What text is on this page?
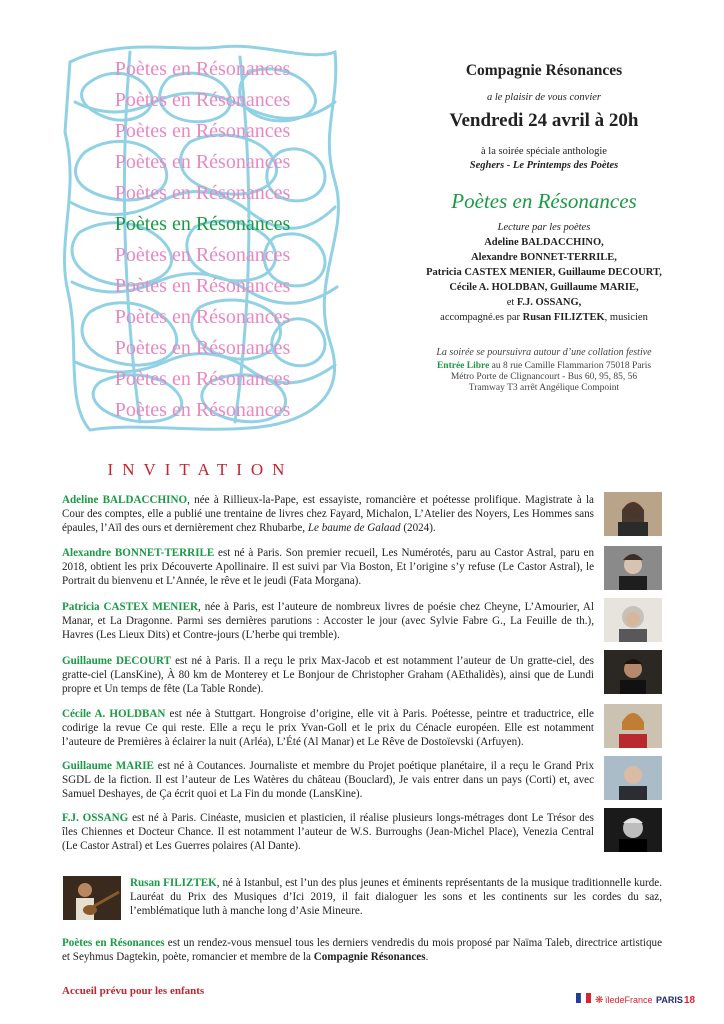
Poètes en Résonances
Poètes en Résonances
Poètes en Résonances
Poètes en Résonances
Poètes en Résonances
Poètes en Résonances
Poètes en Résonances
Poètes en Résonances
Poètes en Résonances
Poètes en Résonances
Poètes en Résonances
Poètes en Résonances
INVITATION
Compagnie Résonances
a le plaisir de vous convier
Vendredi 24 avril à 20h
à la soirée spéciale anthologie
Seghers - Le Printemps des Poètes
Poètes en Résonances
Lecture par les poètes
Adeline BALDACCHINO,
Alexandre BONNET-TERRILE,
Patricia CASTEX MENIER, Guillaume DECOURT,
Cécile A. HOLDBAN, Guillaume MARIE,
et F.J. OSSANG,
accompagné.es par Rusan FILIZTEK, musicien
La soirée se poursuivra autour d’une collation festive
Entrée Libre au 8 rue Camille Flammarion 75018 Paris
Métro Porte de Clignancourt - Bus 60, 95, 85, 56
Tramway T3 arrêt Angélique Compoint
Adeline BALDACCHINO, née à Rillieux-la-Pape, est essayiste, romancière et poétesse prolifique. Magistrate à la Cour des comptes, elle a publié une trentaine de livres chez Fayard, Michalon, L’Atelier des Noyers, Les Hommes sans épaules, l’Aïl des ours et dernièrement chez Rhubarbe, Le baume de Galaad (2024).
Alexandre BONNET-TERRILE est né à Paris. Son premier recueil, Les Numérotés, paru au Castor Astral, paru en 2018, obtient les prix Découverte Apollinaire. Il est suivi par Via Boston, Et l’origine s’y refuse (Le Castor Astral), le Portrait du bienvenu et L’Année, le rêve et le jeudi (Fata Morgana).
Patricia CASTEX MENIER, née à Paris, est l’auteure de nombreux livres de poésie chez Cheyne, L’Amourier, Al Manar, et La Dragonne. Parmi ses dernières parutions : Accoster le jour (avec Sylvie Fabre G., La Feuille de th.), Havres (Les Lieux Dits) et Contre-jours (L’herbe qui tremble).
Guillaume DECOURT est né à Paris. Il a reçu le prix Max-Jacob et est notamment l’auteur de Un gratte-ciel, des gratte-ciel (LansKine), À 80 km de Monterey et Le Bonjour de Christopher Graham (AEthalidès), ainsi que de Lundi propre et Un temps de fête (La Table Ronde).
Cécile A. HOLDBAN est née à Stuttgart. Hongroise d’origine, elle vit à Paris. Poétesse, peintre et traductrice, elle codirige la revue Ce qui reste. Elle a reçu le prix Yvan-Goll et le prix du Cénacle européen. Elle est notamment l’auteure de Premières à éclairer la nuit (Arléa), L’Été (Al Manar) et Le Rêve de Dostoïevski (Arfuyen).
Guillaume MARIE est né à Coutances. Journaliste et membre du Projet poétique planétaire, il a reçu le Grand Prix SGDL de la fiction. Il est l’auteur de Les Watères du château (Bouclard), Je vais entrer dans un pays (Corti) et, avec Samuel Deshayes, de Ça écrit quoi et La Fin du monde (LansKine).
F.J. OSSANG est né à Paris. Cinéaste, musicien et plasticien, il réalise plusieurs longs-métrages dont Le Trésor des îles Chiennes et Docteur Chance. Il est notamment l’auteur de W.S. Burroughs (Jean-Michel Place), Venezia Central (Le Castor Astral) et Les Guerres polaires (Al Dante).
Rusan FILIZTEK, né à Istanbul, est l’un des plus jeunes et éminents représentants de la musique traditionnelle kurde. Lauréat du Prix des Musiques d’Ici 2019, il fait dialoguer les sons et les continents sur les cordes du saz, l’emblématique luth à manche long d’Asie Mineure.
Poètes en Résonances est un rendez-vous mensuel tous les derniers vendredis du mois proposé par Naïma Taleb, directrice artistique et Seyhmus Dagtekin, poète, romancier et membre de la Compagnie Résonances.
Accueil prévu pour les enfants
❋ ïledeFrance PARIS 18
